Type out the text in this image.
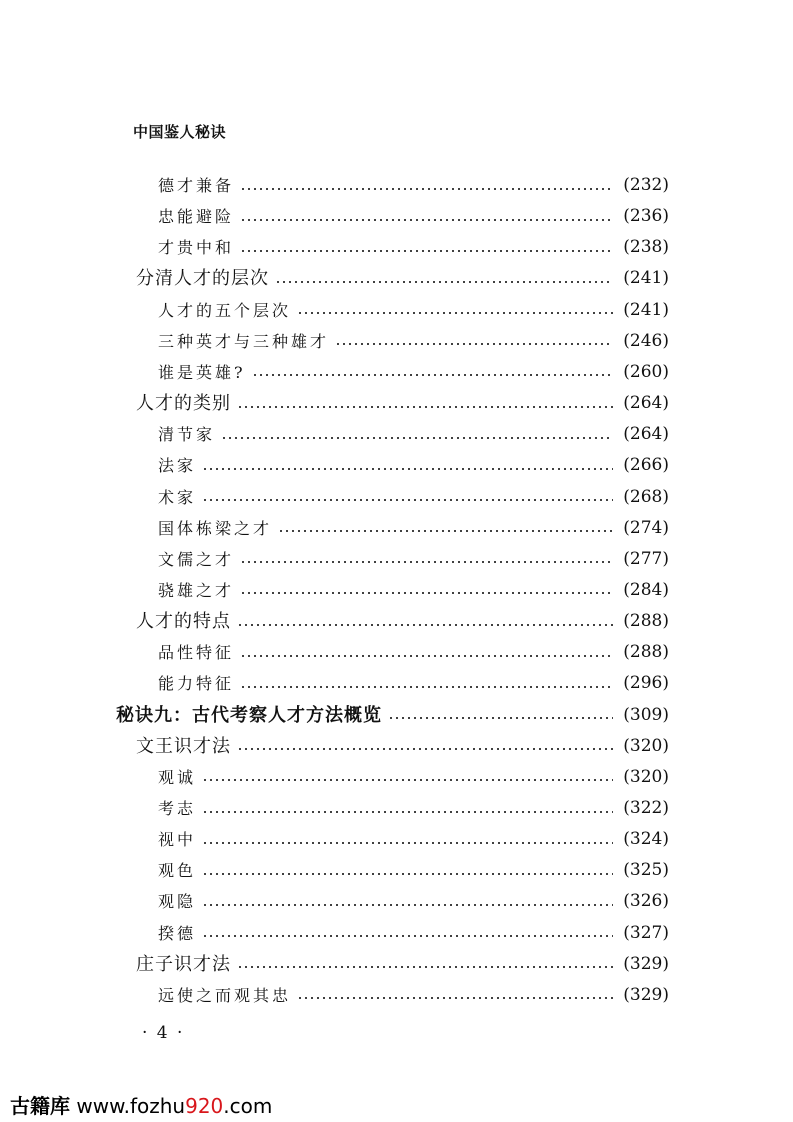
中国鉴人秘诀
德才兼备	(232)
忠能避险	(236)
才贵中和	(238)
分清人才的层次	(241)
人才的五个层次	(241)
三种英才与三种雄才	(246)
谁是英雄?	(260)
人才的类别	(264)
清节家	(264)
法家	(266)
术家	(268)
国体栋梁之才	(274)
文儒之才	(277)
骁雄之才	(284)
人才的特点	(288)
品性特征	(288)
能力特征	(296)
秘诀九：古代考察人才方法概览	(309)
文王识才法	(320)
观诚	(320)
考志	(322)
视中	(324)
观色	(325)
观隐	(326)
揆德	(327)
庄子识才法	(329)
远使之而观其忠	(329)
· 4 ·
古籍库 www.fozhu920.com
